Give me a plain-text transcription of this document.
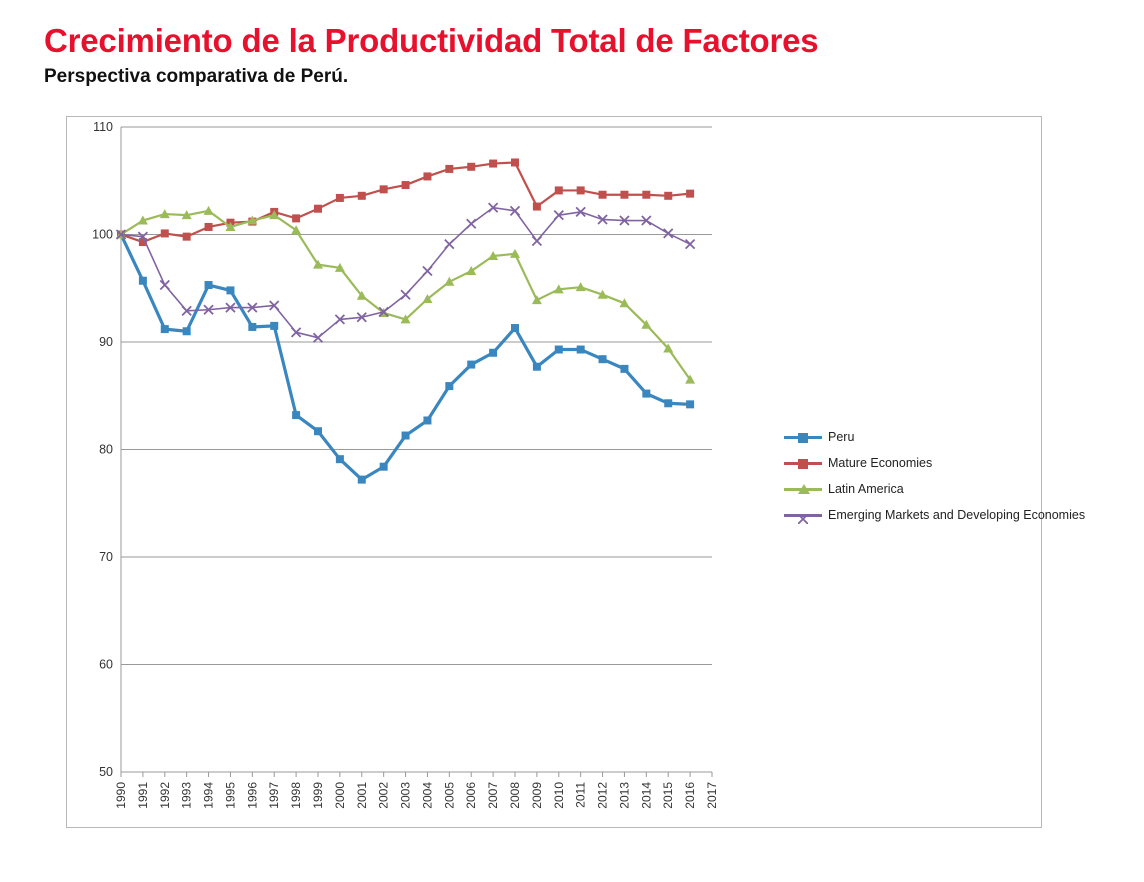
Crecimiento de la Productividad Total de Factores
Perspectiva comparativa de Perú.
50
60
70
80
90
100
110
1990 1991 1992 1993 1994 1995 1996 1997 1998 1999 2000 2001 2002 2003 2004 2005 2006 2007 2008 2009 2010 2011 2012 2013 2014 2015 2016 2017
Peru
Mature Economies
Latin America
Emerging Markets and Developing Economies
